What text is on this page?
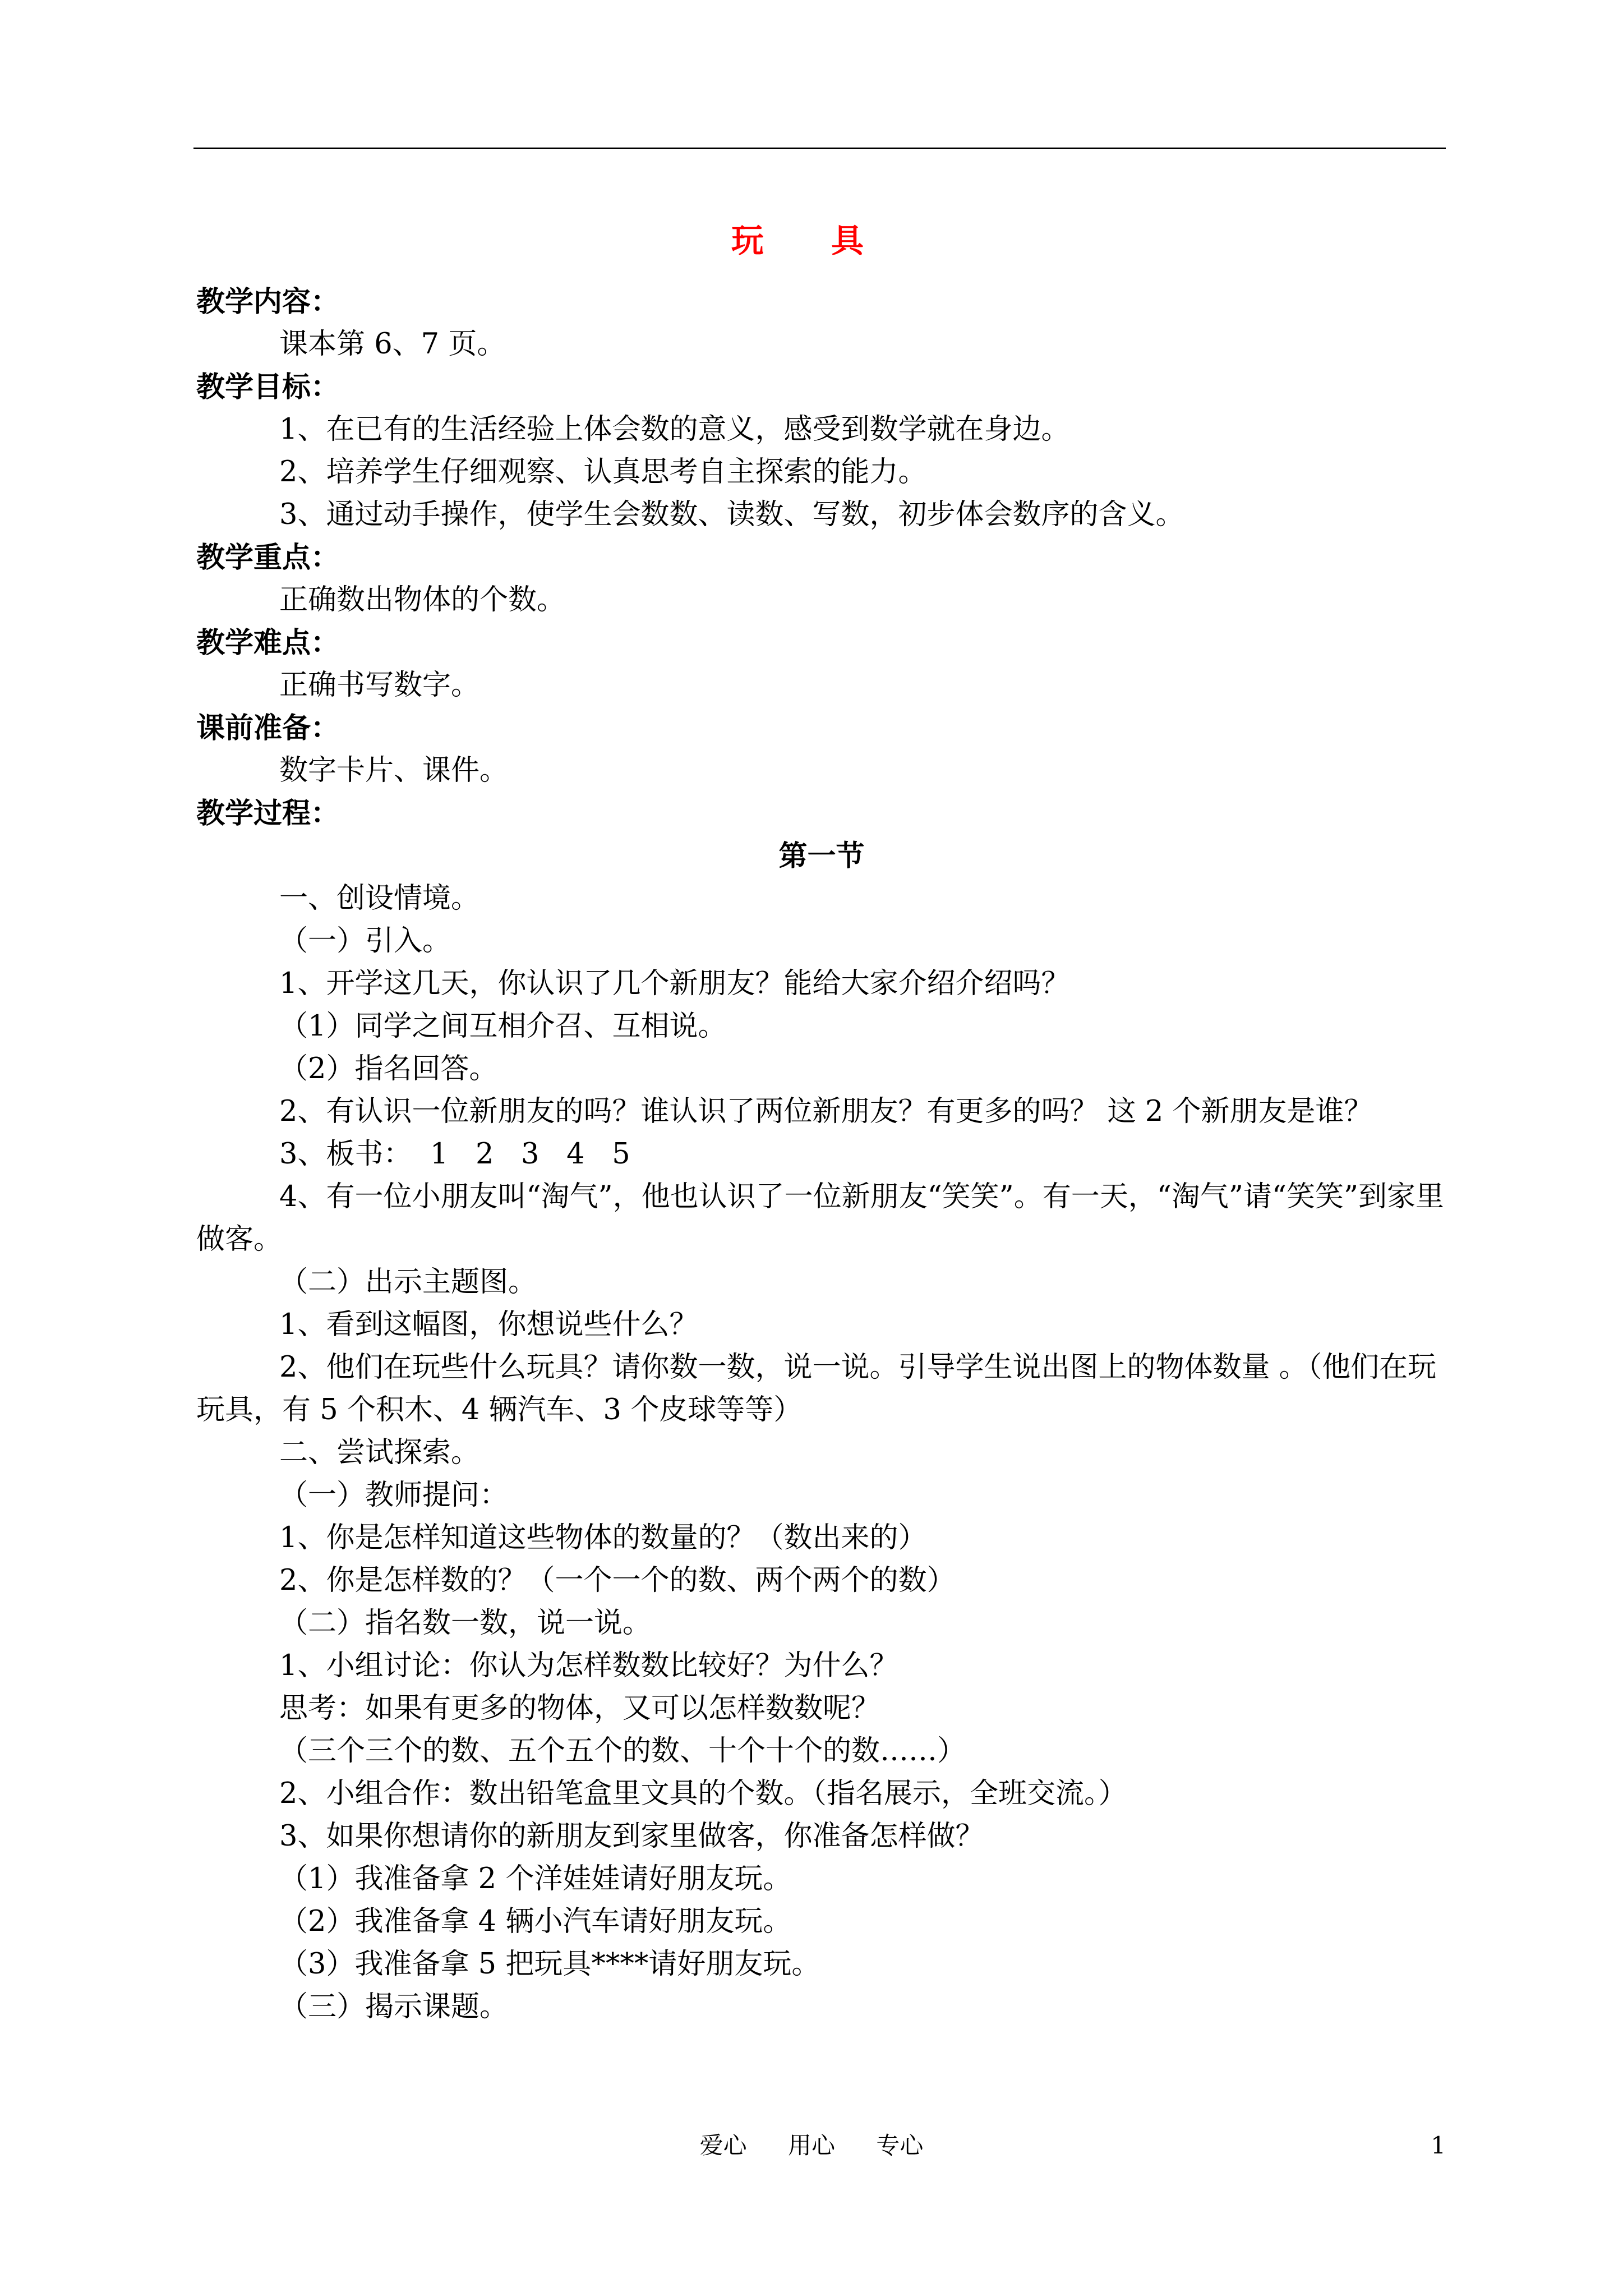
玩 具
教学内容：
课本第 6、7 页。
教学目标：
1、在已有的生活经验上体会数的意义，感受到数学就在身边。
2、培养学生仔细观察、认真思考自主探索的能力。
3、通过动手操作，使学生会数数、读数、写数，初步体会数序的含义。
教学重点：
正确数出物体的个数。
教学难点：
正确书写数字。
课前准备：
数字卡片、课件。
教学过程：
第一节
一、创设情境。
（一）引入。
1、开学这几天，你认识了几个新朋友？能给大家介绍介绍吗？
（1）同学之间互相介召、互相说。
（2）指名回答。
2、有认识一位新朋友的吗？谁认识了两位新朋友？有更多的吗？ 这 2 个新朋友是谁？
3、板书：  1   2   3   4   5
4、有一位小朋友叫“淘气”，他也认识了一位新朋友“笑笑”。有一天，“淘气”请“笑笑”到家里做客。
（二）出示主题图。
1、看到这幅图，你想说些什么？
2、他们在玩些什么玩具？请你数一数，说一说。引导学生说出图上的物体数量 。（他们在玩玩具，有 5 个积木、4 辆汽车、3 个皮球等等）
二、尝试探索。
（一）教师提问：
1、你是怎样知道这些物体的数量的？（数出来的）
2、你是怎样数的？（一个一个的数、两个两个的数）
（二）指名数一数，说一说。
1、小组讨论：你认为怎样数数比较好？为什么？
思考：如果有更多的物体，又可以怎样数数呢？
（三个三个的数、五个五个的数、十个十个的数……）
2、小组合作：数出铅笔盒里文具的个数。（指名展示，全班交流。）
3、如果你想请你的新朋友到家里做客，你准备怎样做？
（1）我准备拿 2 个洋娃娃请好朋友玩。
（2）我准备拿 4 辆小汽车请好朋友玩。
（3）我准备拿 5 把玩具****请好朋友玩。
（三）揭示课题。
爱心 用心 专心	1
